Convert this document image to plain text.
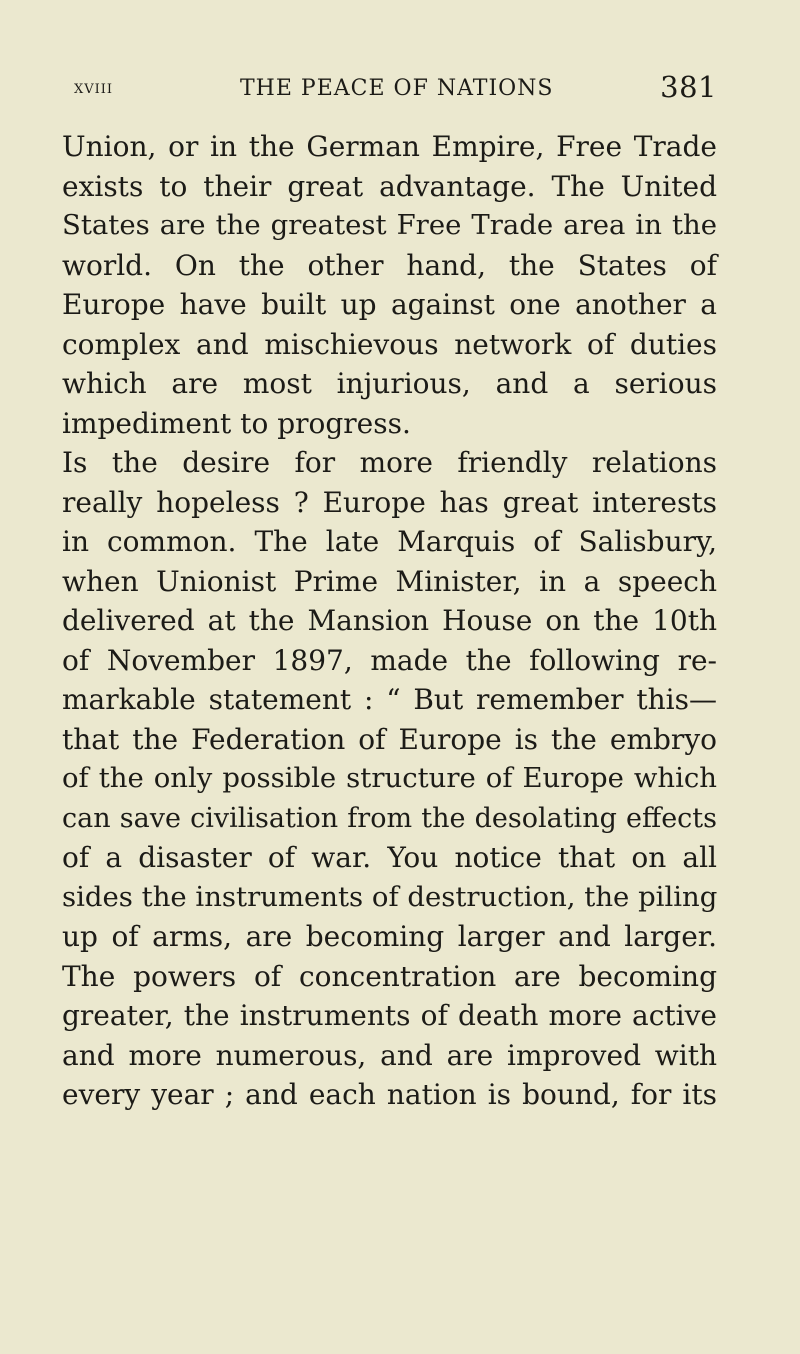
xviii	THE PEACE OF NATIONS	381
Union, or in the German Empire, Free Trade
exists to their great advantage. The United
States are the greatest Free Trade area in the
world. On the other hand, the States of
Europe have built up against one another a
complex and mischievous network of duties
which are most injurious, and a serious
impediment to progress.
Is the desire for more friendly relations
really hopeless ? Europe has great interests
in common. The late Marquis of Salisbury,
when Unionist Prime Minister, in a speech
delivered at the Mansion House on the 10th
of November 1897, made the following re-
markable statement : “ But remember this—
that the Federation of Europe is the embryo
of the only possible structure of Europe which
can save civilisation from the desolating effects
of a disaster of war. You notice that on all
sides the instruments of destruction, the piling
up of arms, are becoming larger and larger.
The powers of concentration are becoming
greater, the instruments of death more active
and more numerous, and are improved with
every year ; and each nation is bound, for its
